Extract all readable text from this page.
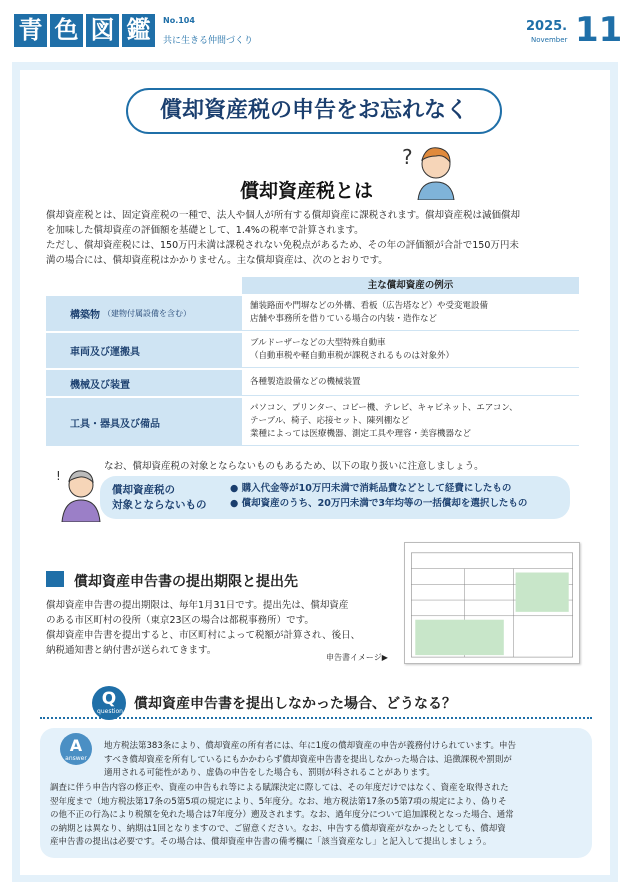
青 色 図 鑑	No.104
共に生きる仲間づくり
2025.
November 11
償却資産税の申告をお忘れなく
償却資産税とは
?
償却資産税とは、固定資産税の一種で、法人や個人が所有する償却資産に課税されます。償却資産税は減価償却
を加味した償却資産の評価額を基礎として、1.4%の税率で計算されます。
ただし、償却資産税には、150万円未満は課税されない免税点があるため、その年の評価額が合計で150万円未
満の場合には、償却資産税はかかりません。主な償却資産は、次のとおりです。
主な償却資産の例示
構築物 （建物付属設備を含む）
舗装路面や門塀などの外構、看板（広告塔など）や受変電設備
店舗や事務所を借りている場合の内装・造作など
車両及び運搬具
ブルドーザーなどの大型特殊自動車
（自動車税や軽自動車税が課税されるものは対象外）
機械及び装置	各種製造設備などの機械装置
工具・器具及び備品
パソコン、プリンター、コピー機、テレビ、キャビネット、エアコン、
テーブル、椅子、応接セット、陳列棚など
業種によっては医療機器、測定工具や理容・美容機器など
なお、償却資産税の対象とならないものもあるため、以下の取り扱いに注意しましょう。
!
償却資産税の
対象とならないもの
● 購入代金等が10万円未満で消耗品費などとして経費にしたもの
● 償却資産のうち、20万円未満で3年均等の一括償却を選択したもの
償却資産申告書の提出期限と提出先
償却資産申告書の提出期限は、毎年1月31日です。提出先は、償却資産
のある市区町村の役所（東京23区の場合は都税事務所）です。
償却資産申告書を提出すると、市区町村によって税額が計算され、後日、
納税通知書と納付書が送られてきます。
申告書イメージ▶
Q
question 償却資産申告書を提出しなかった場合、どうなる？
A
answer
地方税法第383条により、償却資産の所有者には、年に1度の償却資産の申告が義務付けられています。申告
すべき償却資産を所有しているにもかかわらず償却資産申告書を提出しなかった場合は、追徴課税や罰則が
適用される可能性があり、虚偽の申告をした場合も、罰則が科されることがあります。
調査に伴う申告内容の修正や、資産の申告もれ等による賦課決定に際しては、その年度だけではなく、資産を取得された
翌年度まで（地方税法第17条の5第5項の規定により、5年度分。なお、地方税法第17条の5第7項の規定により、偽りそ
の他不正の行為により税額を免れた場合は7年度分）遡及されます。なお、過年度分について追加課税となった場合、通常
の納期とは異なり、納期は1回となりますので、ご留意ください。なお、申告する償却資産がなかったとしても、償却資
産申告書の提出は必要です。その場合は、償却資産申告書の備考欄に「該当資産なし」と記入して提出しましょう。
